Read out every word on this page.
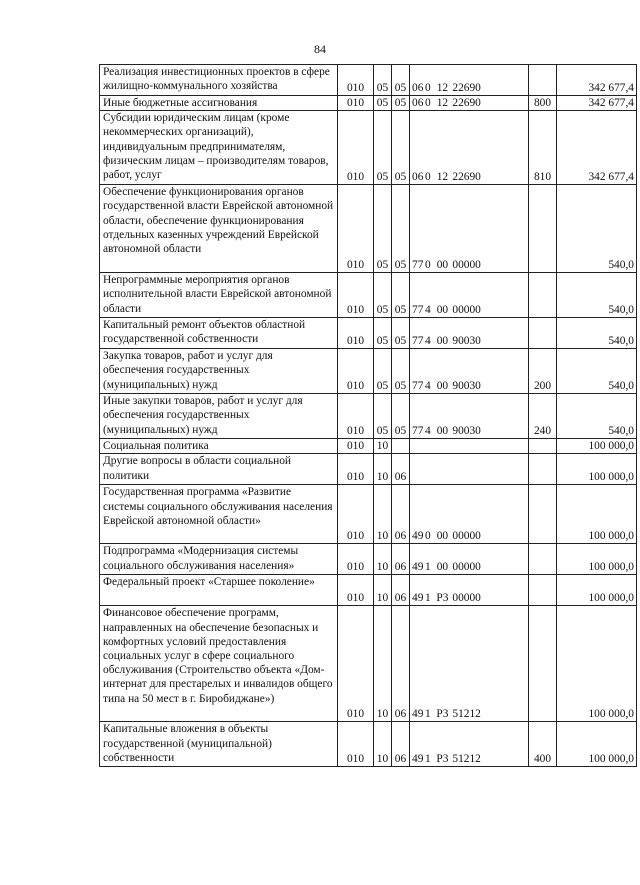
84
Реализация инвестиционных проектов в сфере жилищно-коммунального хозяйства	010	05	05	06 0 12 22690		342 677,4
Иные бюджетные ассигнования	010	05	05	06 0 12 22690	800	342 677,4
Субсидии юридическим лицам (кроме некоммерческих организаций), индивидуальным предпринимателям, физическим лицам – производителям товаров, работ, услуг	010	05	05	06 0 12 22690	810	342 677,4
Обеспечение функционирования органов государственной власти Еврейской автономной области, обеспечение функционирования отдельных казенных учреждений Еврейской автономной области	010	05	05	77 0 00 00000		540,0
Непрограммные мероприятия органов исполнительной власти Еврейской автономной области	010	05	05	77 4 00 00000		540,0
Капитальный ремонт объектов областной государственной собственности	010	05	05	77 4 00 90030		540,0
Закупка товаров, работ и услуг для обеспечения государственных (муниципальных) нужд	010	05	05	77 4 00 90030	200	540,0
Иные закупки товаров, работ и услуг для обеспечения государственных (муниципальных) нужд	010	05	05	77 4 00 90030	240	540,0
Социальная политика	010	10				100 000,0
Другие вопросы в области социальной политики	010	10	06			100 000,0
Государственная программа «Развитие системы социального обслуживания населения Еврейской автономной области»	010	10	06	49 0 00 00000		100 000,0
Подпрограмма «Модернизация системы социального обслуживания населения»	010	10	06	49 1 00 00000		100 000,0
Федеральный проект «Старшее поколение»	010	10	06	49 1 P3 00000		100 000,0
Финансовое обеспечение программ, направленных на обеспечение безопасных и комфортных условий предоставления социальных услуг в сфере социального обслуживания (Строительство объекта «Дом-интернат для престарелых и инвалидов общего типа на 50 мест в г. Биробиджане»)	010	10	06	49 1 P3 51212		100 000,0
Капитальные вложения в объекты государственной (муниципальной) собственности	010	10	06	49 1 P3 51212	400	100 000,0
